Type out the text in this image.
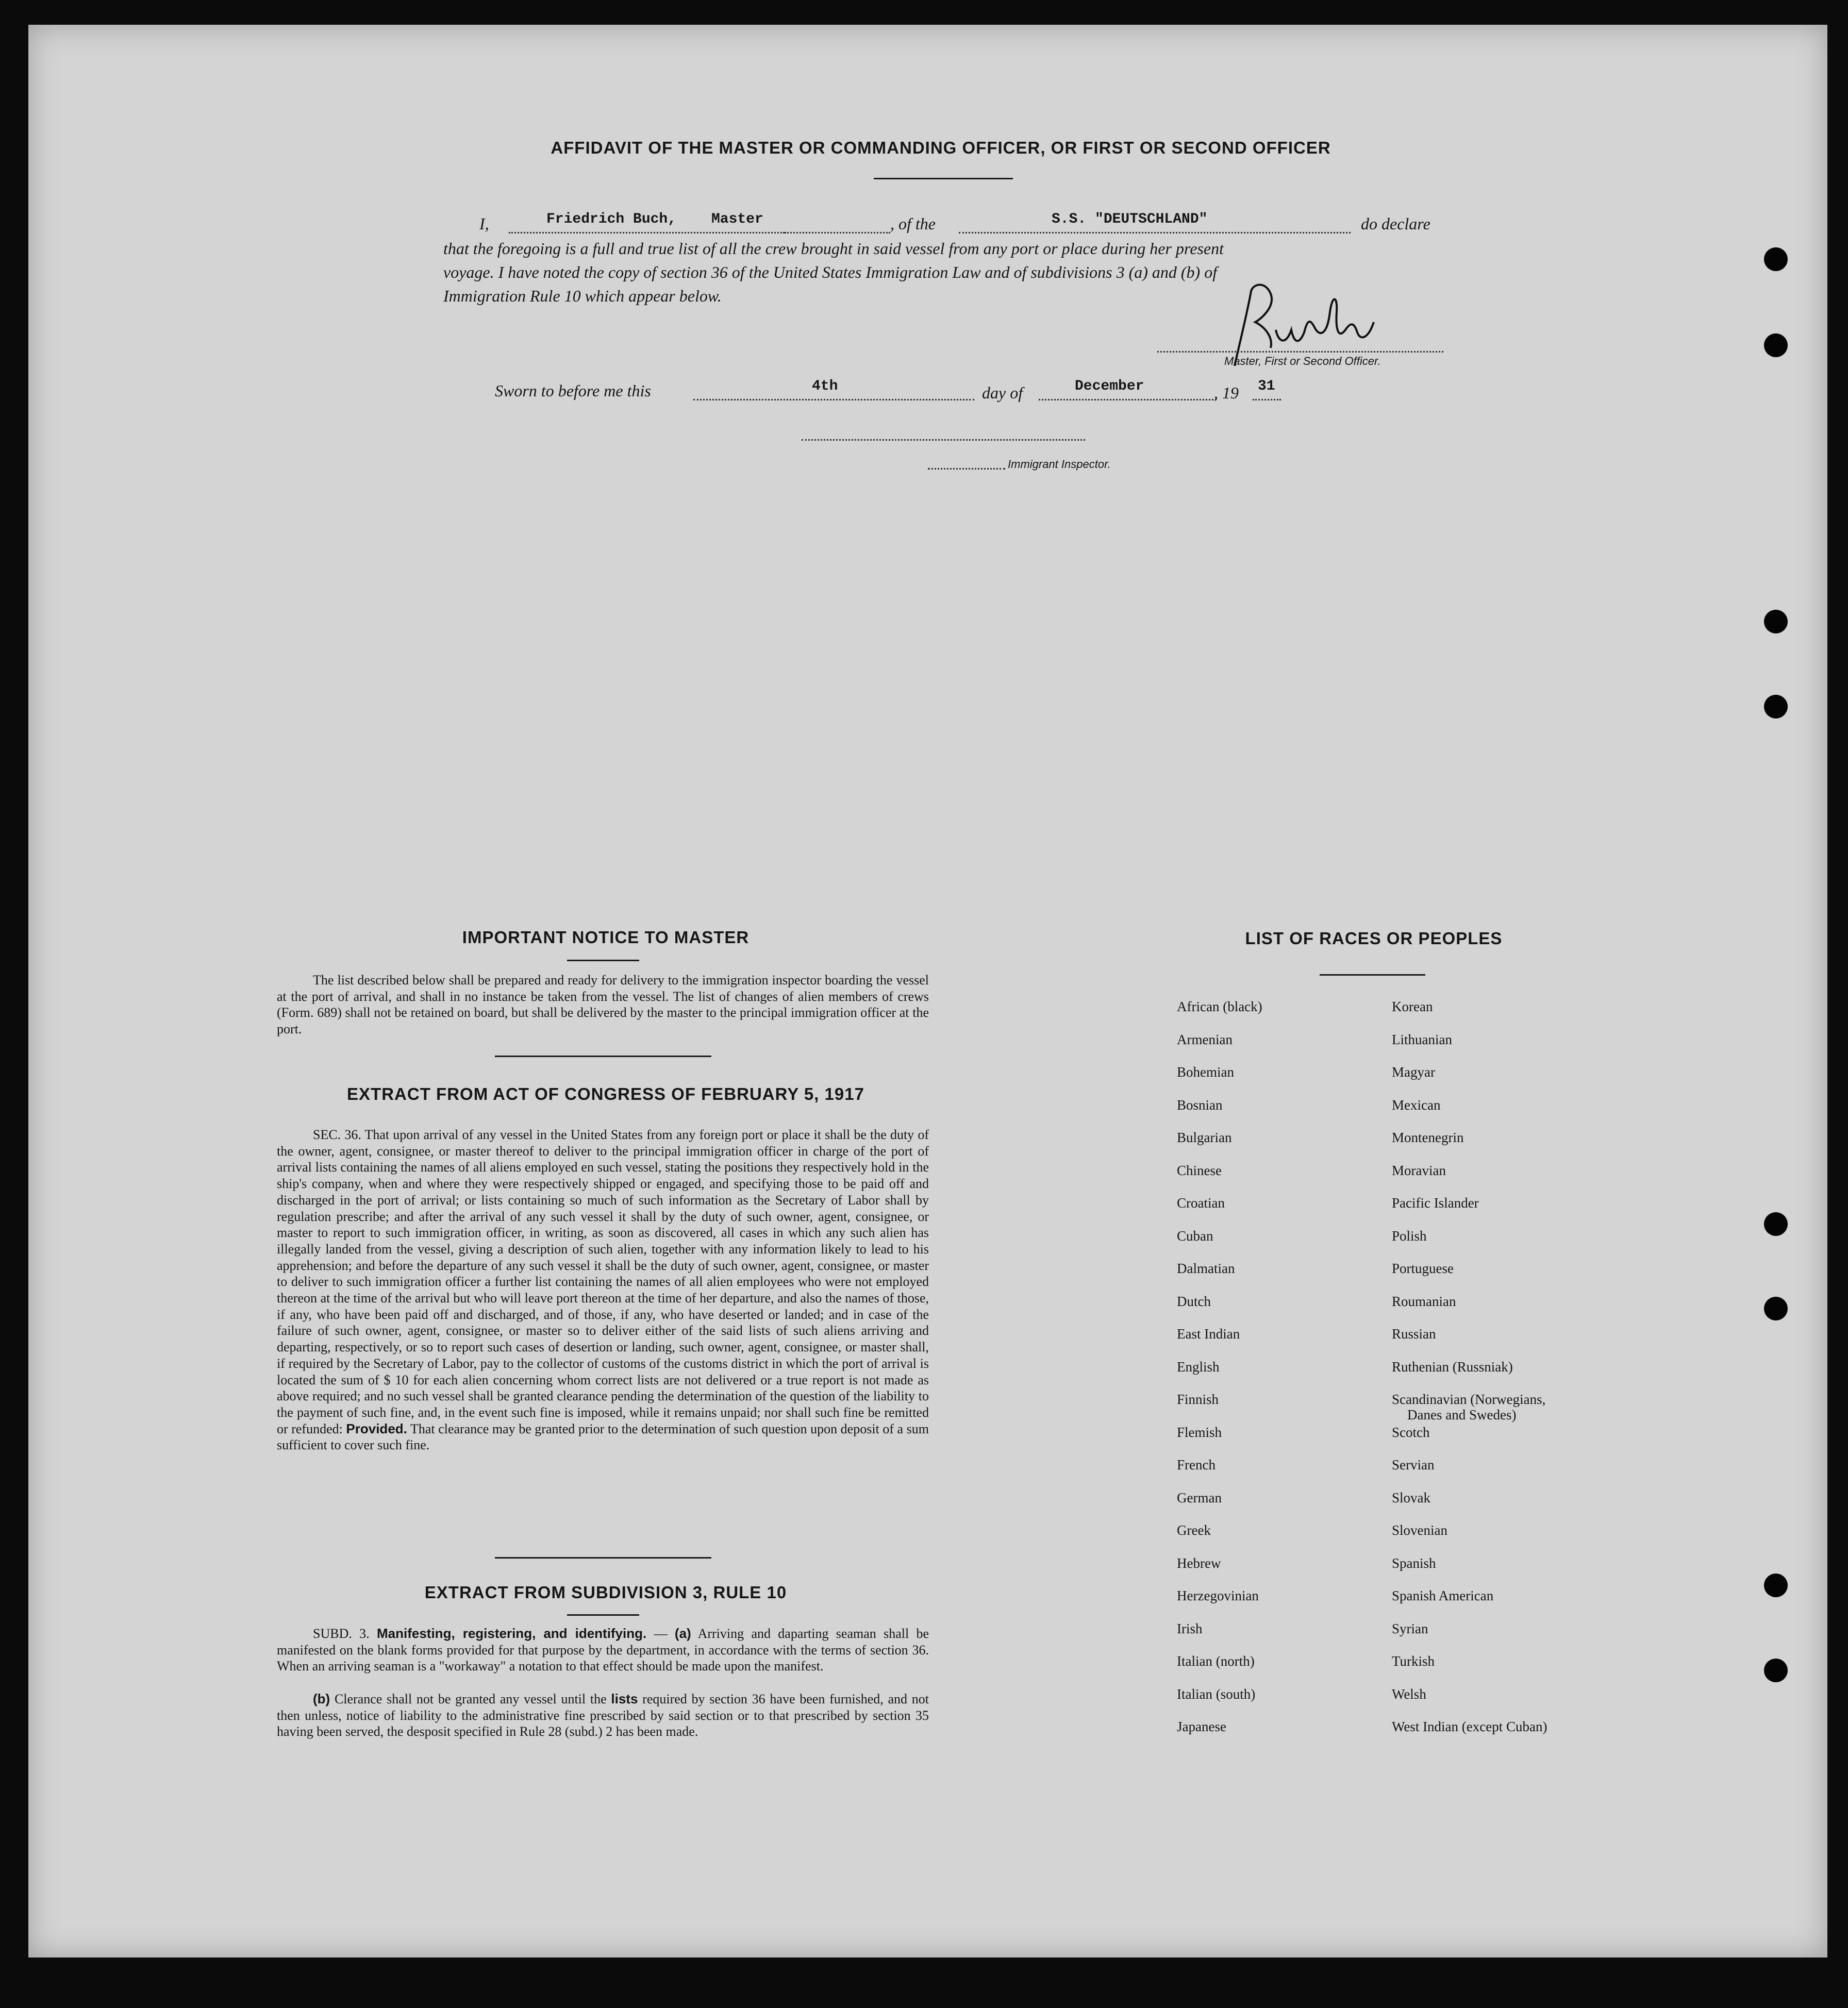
AFFIDAVIT OF THE MASTER OR COMMANDING OFFICER, OR FIRST OR SECOND OFFICER
I,	Friedrich Buch, Master	, of the	S.S. "DEUTSCHLAND"	do declare
that the foregoing is a full and true list of all the crew brought in said vessel from any port or place during her present
voyage. I have noted the copy of section 36 of the United States Immigration Law and of subdivisions 3 (a) and (b) of
Immigration Rule 10 which appear below.
Master, First or Second Officer.
Sworn to before me this	4th	day of	December	, 19 31
Immigrant Inspector.
IMPORTANT NOTICE TO MASTER
The list described below shall be prepared and ready for delivery to the immigration inspector boarding the vessel at the port of arrival, and shall in no instance be taken from the vessel. The list of changes of alien members of crews (Form. 689) shall not be retained on board, but shall be delivered by the master to the principal immigration officer at the port.
EXTRACT FROM ACT OF CONGRESS OF FEBRUARY 5, 1917
SEC. 36. That upon arrival of any vessel in the United States from any foreign port or place it shall be the duty of the owner, agent, consignee, or master thereof to deliver to the principal immigration officer in charge of the port of arrival lists containing the names of all aliens employed en such vessel, stating the positions they respectively hold in the ship's company, when and where they were respectively shipped or engaged, and specifying those to be paid off and discharged in the port of arrival; or lists containing so much of such information as the Secretary of Labor shall by regulation prescribe; and after the arrival of any such vessel it shall by the duty of such owner, agent, consignee, or master to report to such immigration officer, in writing, as soon as discovered, all cases in which any such alien has illegally landed from the vessel, giving a description of such alien, together with any information likely to lead to his apprehension; and before the departure of any such vessel it shall be the duty of such owner, agent, consignee, or master to deliver to such immigration officer a further list containing the names of all alien employees who were not employed thereon at the time of the arrival but who will leave port thereon at the time of her departure, and also the names of those, if any, who have been paid off and discharged, and of those, if any, who have deserted or landed; and in case of the failure of such owner, agent, consignee, or master so to deliver either of the said lists of such aliens arriving and departing, respectively, or so to report such cases of desertion or landing, such owner, agent, consignee, or master shall, if required by the Secretary of Labor, pay to the collector of customs of the customs district in which the port of arrival is located the sum of $ 10 for each alien concerning whom correct lists are not delivered or a true report is not made as above required; and no such vessel shall be granted clearance pending the determination of the question of the liability to the payment of such fine, and, in the event such fine is imposed, while it remains unpaid; nor shall such fine be remitted or refunded: Provided. That clearance may be granted prior to the determination of such question upon deposit of a sum sufficient to cover such fine.
EXTRACT FROM SUBDIVISION 3, RULE 10
SUBD. 3. Manifesting, registering, and identifying. — (a) Arriving and daparting seaman shall be manifested on the blank forms provided for that purpose by the department, in accordance with the terms of section 36. When an arriving seaman is a "workaway" a notation to that effect should be made upon the manifest.
(b) Clerance shall not be granted any vessel until the lists required by section 36 have been furnished, and not then unless, notice of liability to the administrative fine prescribed by said section or to that prescribed by section 35 having been served, the desposit specified in Rule 28 (subd.) 2 has been made.
LIST OF RACES OR PEOPLES
African (black)
Armenian
Bohemian
Bosnian
Bulgarian
Chinese
Croatian
Cuban
Dalmatian
Dutch
East Indian
English
Finnish
Flemish
French
German
Greek
Hebrew
Herzegovinian
Irish
Italian (north)
Italian (south)
Japanese
Korean
Lithuanian
Magyar
Mexican
Montenegrin
Moravian
Pacific Islander
Polish
Portuguese
Roumanian
Russian
Ruthenian (Russniak)
Scandinavian (Norwegians,
Danes and Swedes)
Scotch
Servian
Slovak
Slovenian
Spanish
Spanish American
Syrian
Turkish
Welsh
West Indian (except Cuban)
